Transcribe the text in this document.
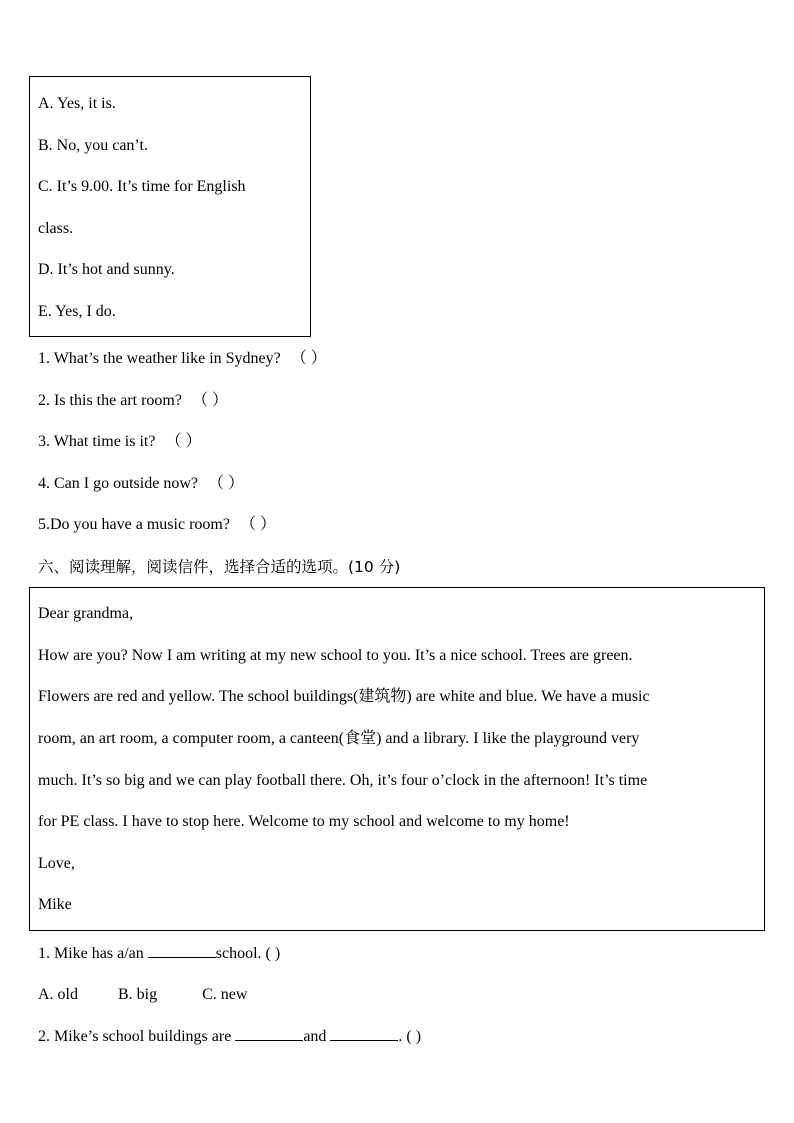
A. Yes, it is.
B. No, you can’t.
C. It’s 9.00. It’s time for English
class.
D. It’s hot and sunny.
E. Yes, I do.
1. What’s the weather like in Sydney? （ ）
2. Is this the art room? （ ）
3. What time is it? （ ）
4. Can I go outside now? （ ）
5.Do you have a music room? （ ）
六、阅读理解，阅读信件，选择合适的选项。(10 分)
Dear grandma,
How are you? Now I am writing at my new school to you. It’s a nice school. Trees are green.
Flowers are red and yellow. The school buildings(建筑物) are white and blue. We have a music
room, an art room, a computer room, a canteen(食堂) and a library. I like the playground very
much. It’s so big and we can play football there. Oh, it’s four o’clock in the afternoon! It’s time
for PE class. I have to stop here. Welcome to my school and welcome to my home!
Love,
Mike
1. Mike has a/an	school. ( )
A. old	B. big	C. new
2. Mike’s school buildings are	and	. ( )
